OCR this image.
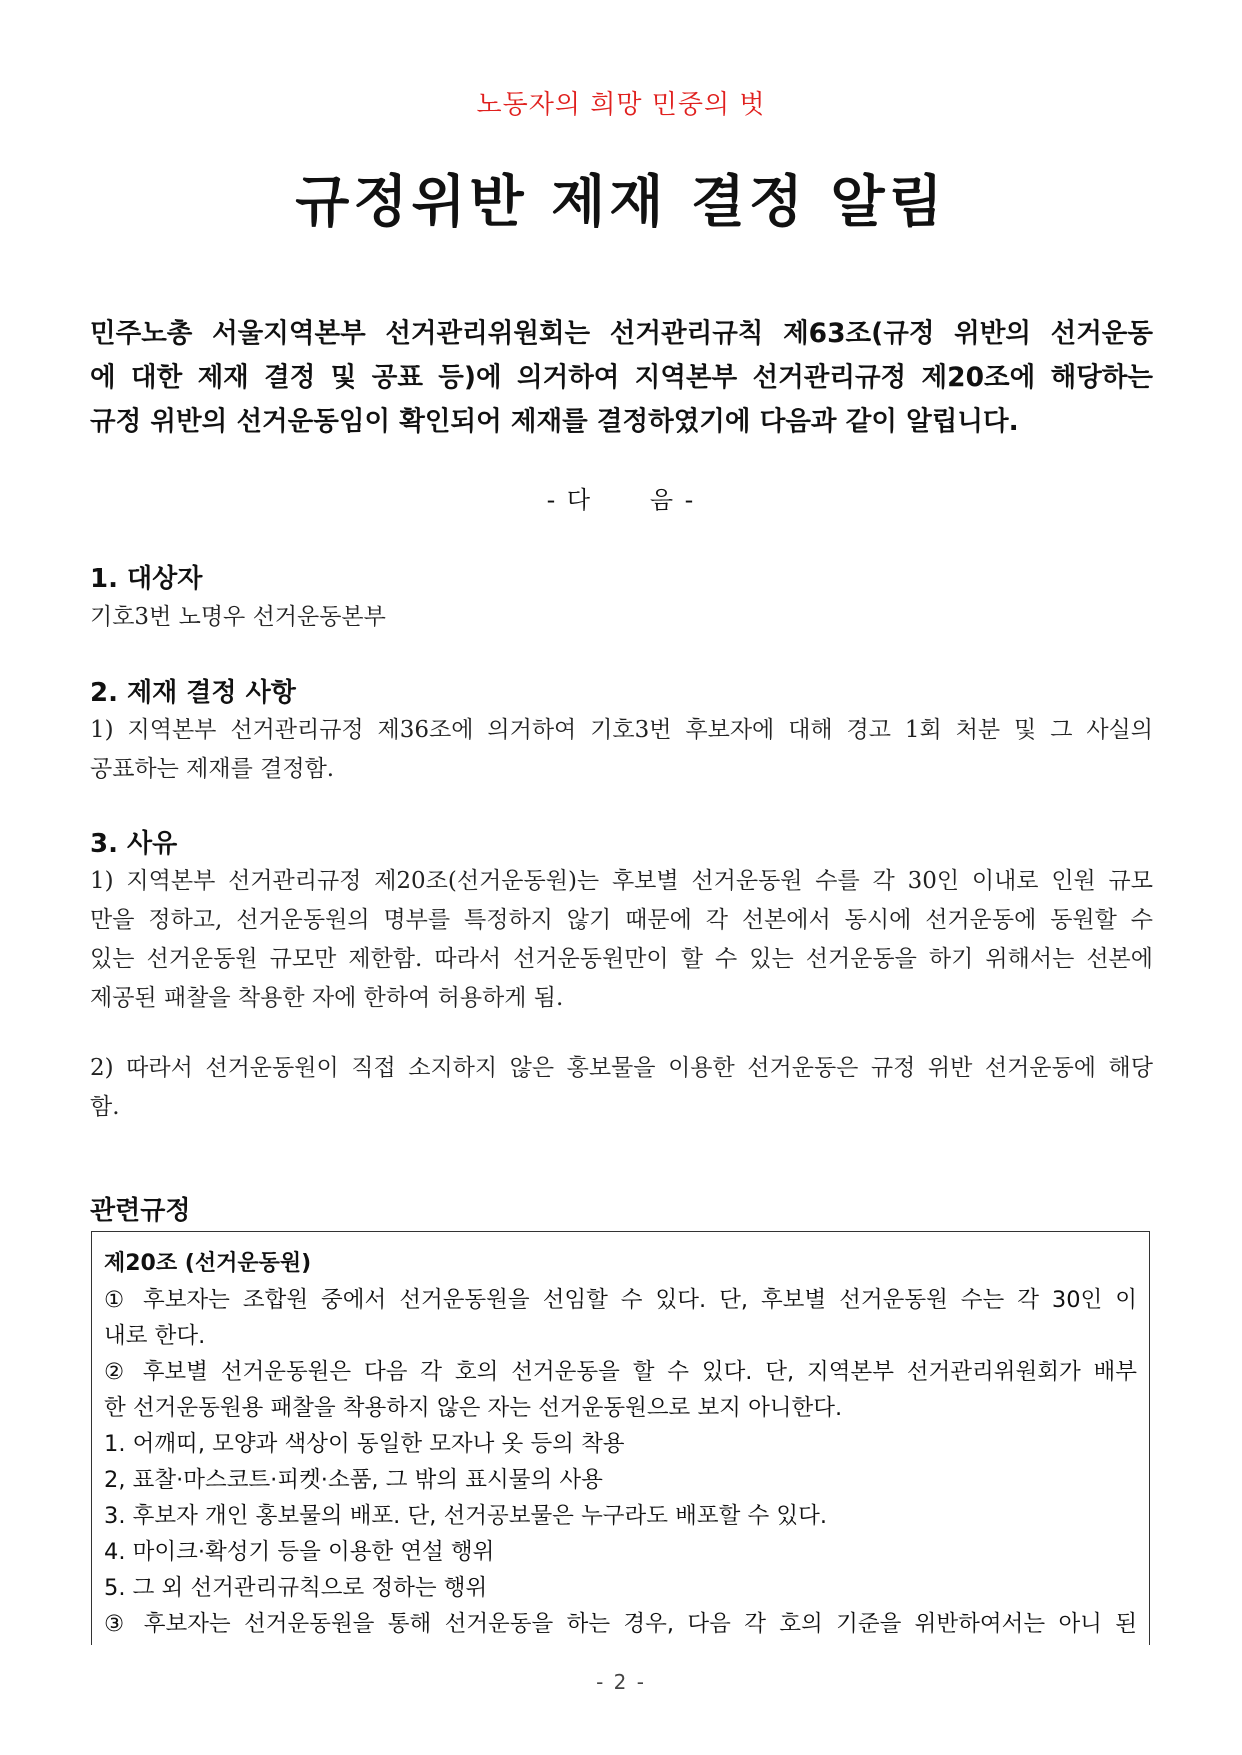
노동자의 희망 민중의 벗
규정위반 제재 결정 알림
민주노총 서울지역본부 선거관리위원회는 선거관리규칙 제63조(규정 위반의 선거운동
에 대한 제재 결정 및 공표 등)에 의거하여 지역본부 선거관리규정 제20조에 해당하는
규정 위반의 선거운동임이 확인되어 제재를 결정하였기에 다음과 같이 알립니다.
- 다      음 -
1. 대상자
기호3번 노명우 선거운동본부
2. 제재 결정 사항
1) 지역본부 선거관리규정 제36조에 의거하여 기호3번 후보자에 대해 경고 1회 처분 및 그 사실의
공표하는 제재를 결정함.
3. 사유
1) 지역본부 선거관리규정 제20조(선거운동원)는 후보별 선거운동원 수를 각 30인 이내로 인원 규모
만을 정하고, 선거운동원의 명부를 특정하지 않기 때문에 각 선본에서 동시에 선거운동에 동원할 수
있는 선거운동원 규모만 제한함. 따라서 선거운동원만이 할 수 있는 선거운동을 하기 위해서는 선본에
제공된 패찰을 착용한 자에 한하여 허용하게 됨.
2) 따라서 선거운동원이 직접 소지하지 않은 홍보물을 이용한 선거운동은 규정 위반 선거운동에 해당
함.
관련규정
제20조 (선거운동원)
① 후보자는 조합원 중에서 선거운동원을 선임할 수 있다. 단, 후보별 선거운동원 수는 각 30인 이
내로 한다.
② 후보별 선거운동원은 다음 각 호의 선거운동을 할 수 있다. 단, 지역본부 선거관리위원회가 배부
한 선거운동원용 패찰을 착용하지 않은 자는 선거운동원으로 보지 아니한다.
1. 어깨띠, 모양과 색상이 동일한 모자나 옷 등의 착용
2, 표찰·마스코트·피켓·소품, 그 밖의 표시물의 사용
3. 후보자 개인 홍보물의 배포. 단, 선거공보물은 누구라도 배포할 수 있다.
4. 마이크·확성기 등을 이용한 연설 행위
5. 그 외 선거관리규칙으로 정하는 행위
③ 후보자는 선거운동원을 통해 선거운동을 하는 경우, 다음 각 호의 기준을 위반하여서는 아니 된
- 2 -
